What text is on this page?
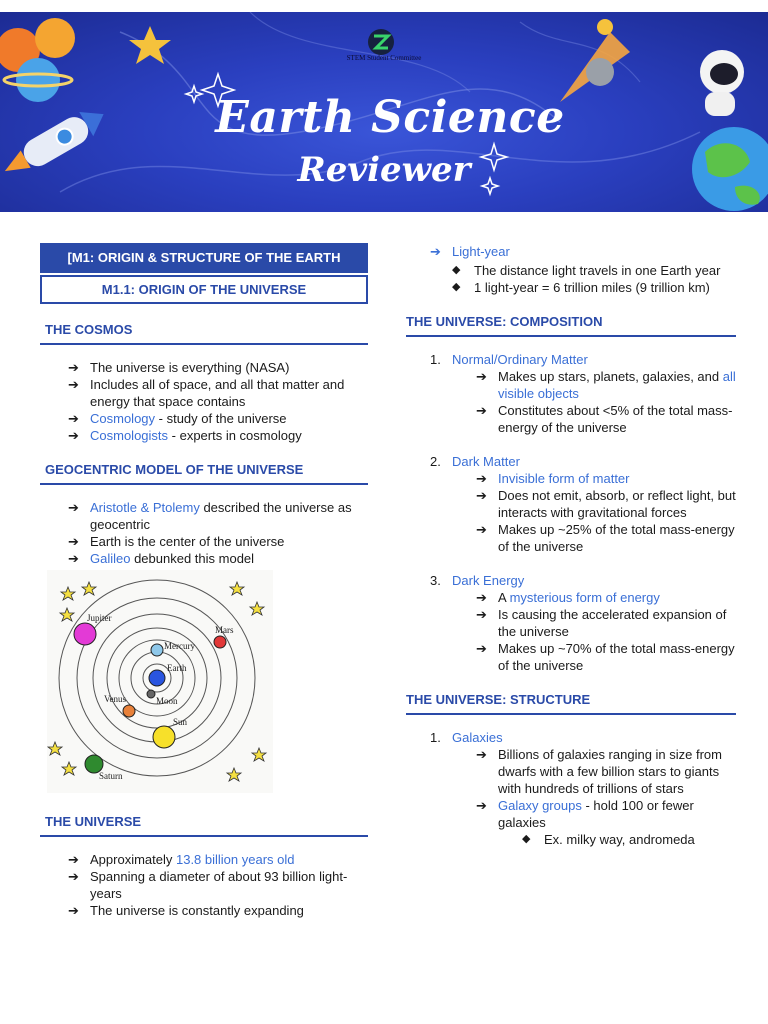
STEM Student Committee
Earth Science
Reviewer
[M1: ORIGIN & STRUCTURE OF THE EARTH
M1.1: ORIGIN OF THE UNIVERSE
THE COSMOS
➔ The universe is everything (NASA)
➔ Includes all of space, and all that matter and energy that space contains
➔ Cosmology - study of the universe
➔ Cosmologists - experts in cosmology
GEOCENTRIC MODEL OF THE UNIVERSE
➔ Aristotle & Ptolemy described the universe as geocentric
➔ Earth is the center of the universe
➔ Galileo debunked this model
Jupiter
Mercury
Mars
Earth
Venus	Moon
Sun
Saturn
THE UNIVERSE
➔ Approximately 13.8 billion years old
➔ Spanning a diameter of about 93 billion light-years
➔ The universe is constantly expanding
➔ Light-year
◆ The distance light travels in one Earth year
◆ 1 light-year = 6 trillion miles (9 trillion km)
THE UNIVERSE: COMPOSITION
1. Normal/Ordinary Matter
➔ Makes up stars, planets, galaxies, and all visible objects
➔ Constitutes about <5% of the total mass-energy of the universe
2. Dark Matter
➔ Invisible form of matter
➔ Does not emit, absorb, or reflect light, but interacts with gravitational forces
➔ Makes up ~25% of the total mass-energy of the universe
3. Dark Energy
➔ A mysterious form of energy
➔ Is causing the accelerated expansion of the universe
➔ Makes up ~70% of the total mass-energy of the universe
THE UNIVERSE: STRUCTURE
1. Galaxies
➔ Billions of galaxies ranging in size from dwarfs with a few billion stars to giants with hundreds of trillions of stars
➔ Galaxy groups - hold 100 or fewer galaxies
◆ Ex. milky way, andromeda
